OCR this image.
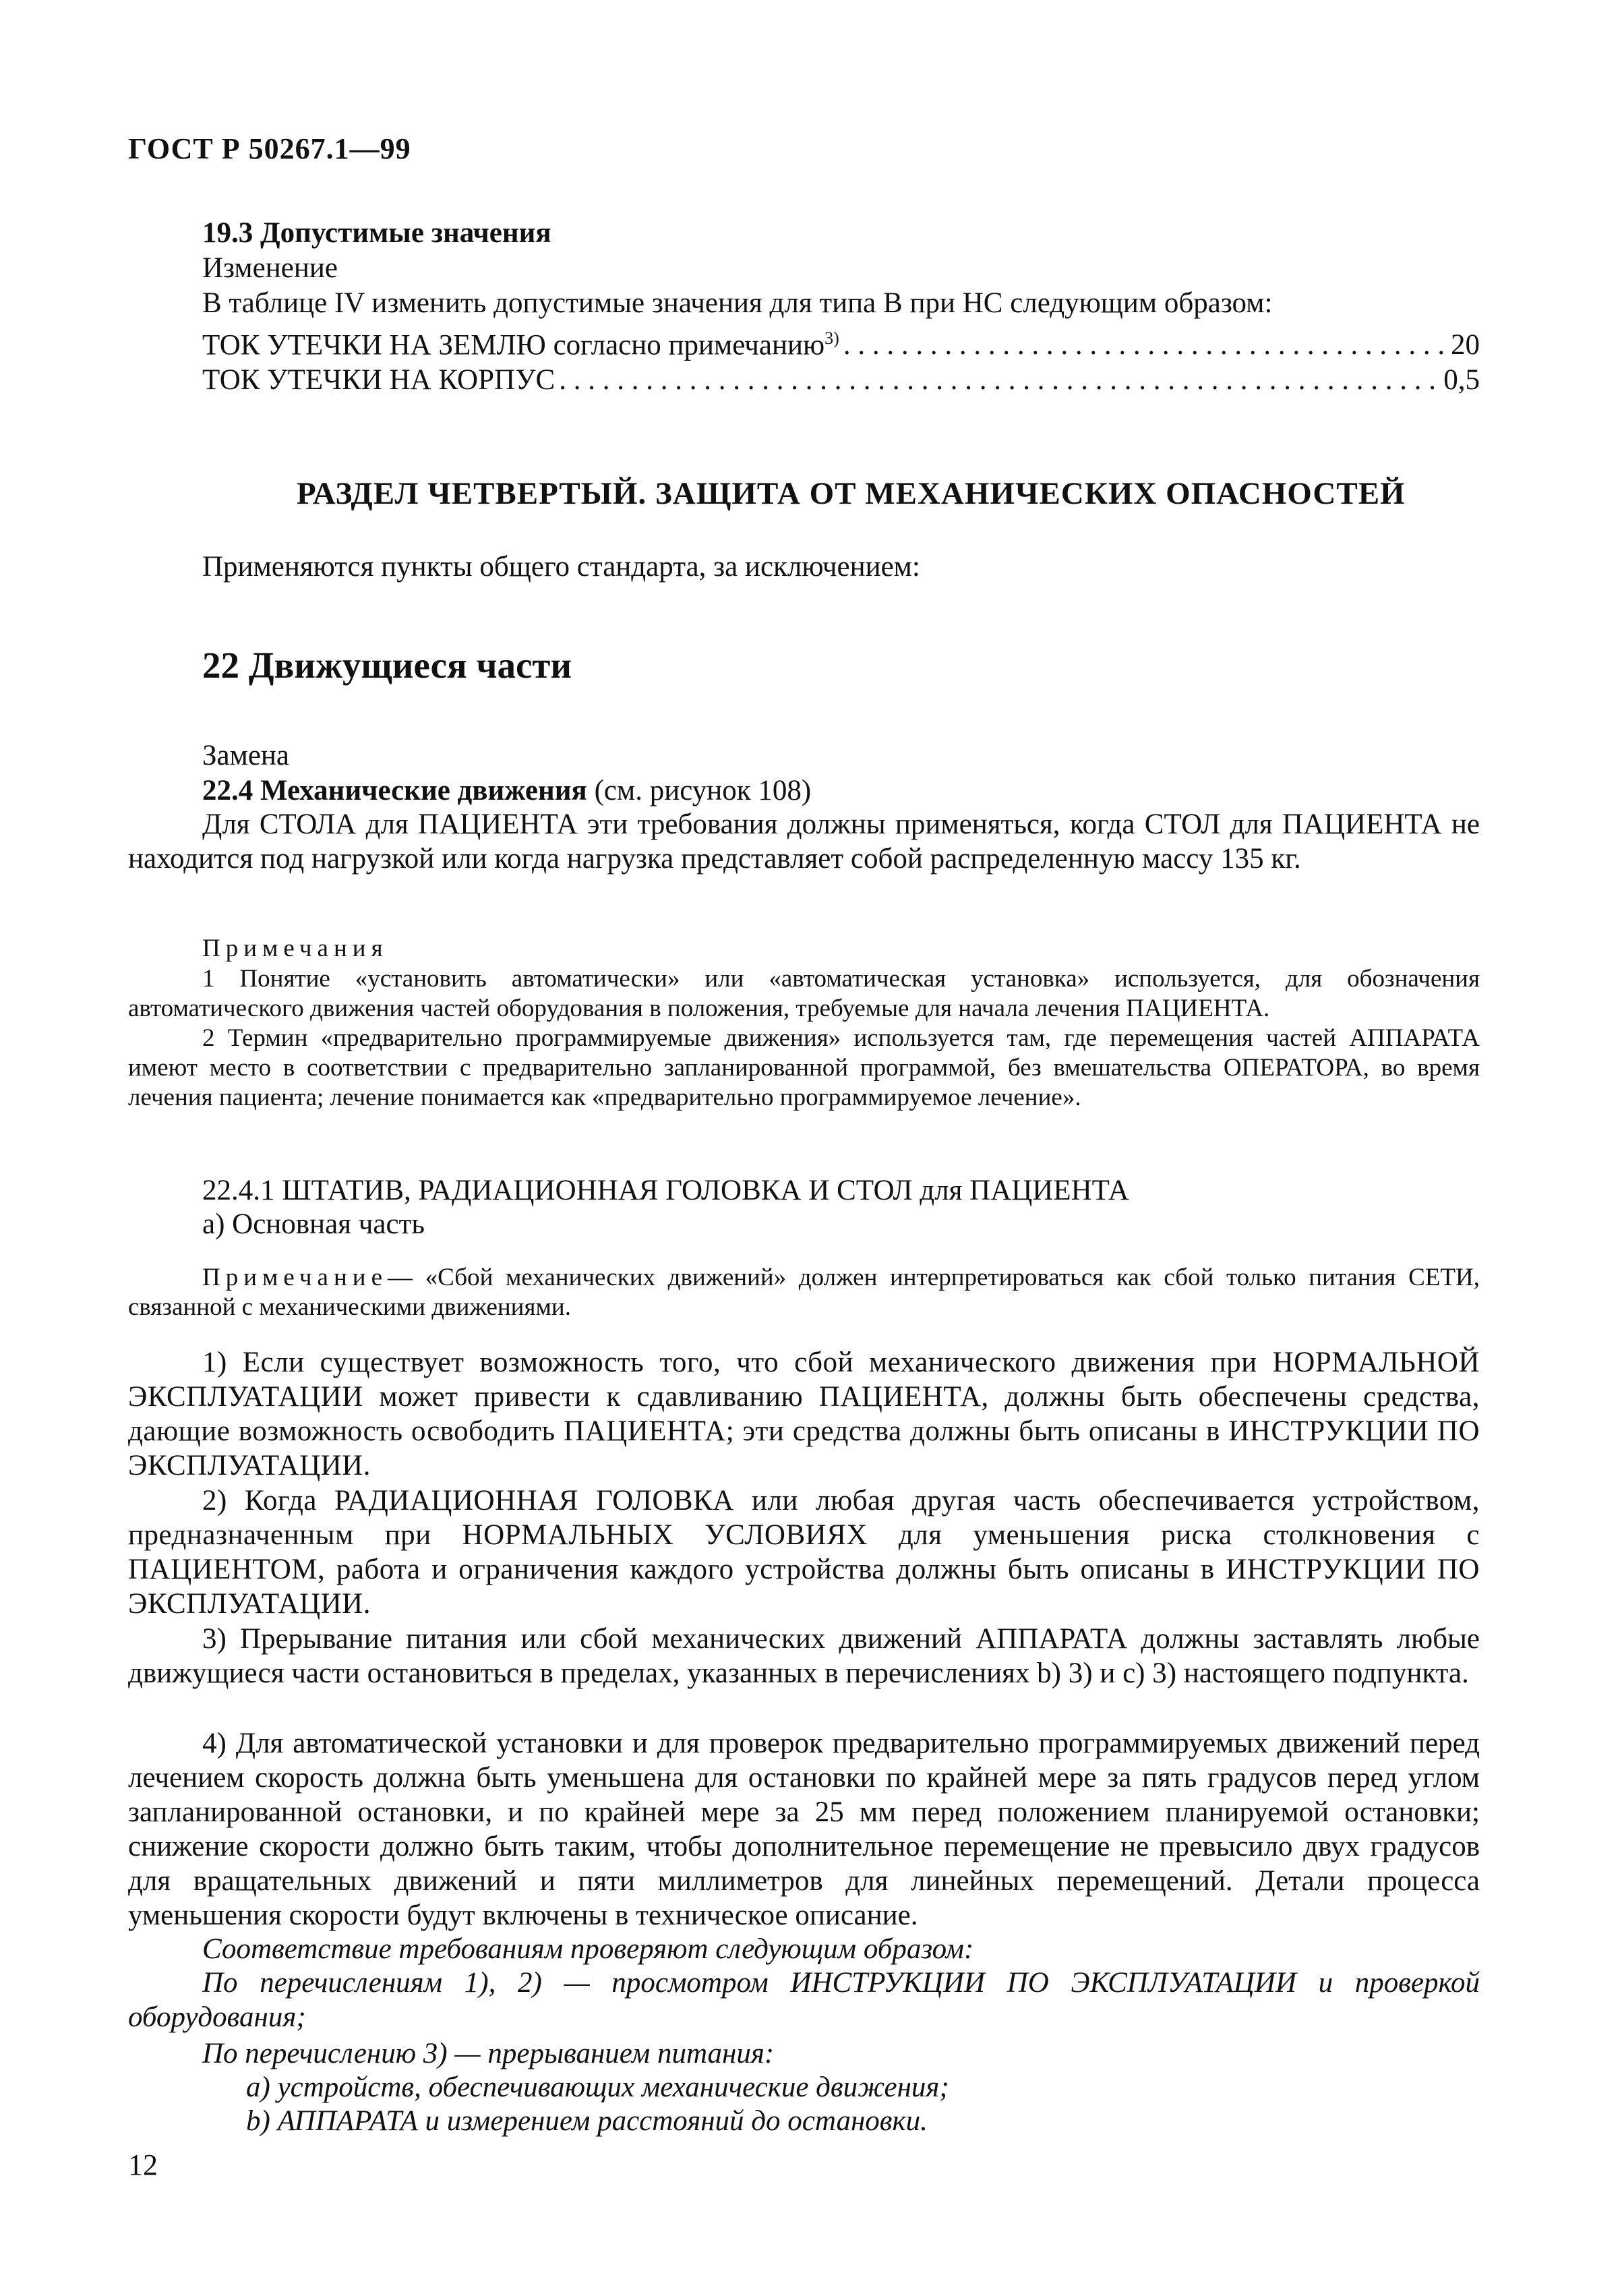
ГОСТ Р 50267.1—99
19.3 Допустимые значения
Изменение
В таблице IV изменить допустимые значения для типа В при НС следующим образом:
ТОК УТЕЧКИ НА ЗЕМЛЮ согласно примечанию$^{3)}$ . . .	20
ТОК УТЕЧКИ НА КОРПУС . . .	0,5
РАЗДЕЛ ЧЕТВЕРТЫЙ. ЗАЩИТА ОТ МЕХАНИЧЕСКИХ ОПАСНОСТЕЙ
Применяются пункты общего стандарта, за исключением:
22 Движущиеся части
Замена
22.4 Механические движения (см. рисунок 108)
Для СТОЛА для ПАЦИЕНТА эти требования должны применяться, когда СТОЛ для ПАЦИЕНТА не находится под нагрузкой или когда нагрузка представляет собой распределенную массу 135 кг.
Примечания
1 Понятие «установить автоматически» или «автоматическая установка» используется, для обозначения автоматического движения частей оборудования в положения, требуемые для начала лечения ПАЦИЕНТА.
2 Термин «предварительно программируемые движения» используется там, где перемещения частей АППАРАТА имеют место в соответствии с предварительно запланированной программой, без вмешательства ОПЕРАТОРА, во время лечения пациента; лечение понимается как «предварительно программируемое лечение».
22.4.1 ШТАТИВ, РАДИАЦИОННАЯ ГОЛОВКА И СТОЛ для ПАЦИЕНТА
а) Основная часть
Примечание— «Сбой механических движений» должен интерпретироваться как сбой только питания СЕТИ, связанной с механическими движениями.
1) Если существует возможность того, что сбой механического движения при НОРМАЛЬНОЙ ЭКСПЛУАТАЦИИ может привести к сдавливанию ПАЦИЕНТА, должны быть обеспечены средства, дающие возможность освободить ПАЦИЕНТА; эти средства должны быть описаны в ИНСТРУКЦИИ ПО ЭКСПЛУАТАЦИИ.
2) Когда РАДИАЦИОННАЯ ГОЛОВКА или любая другая часть обеспечивается устройством, предназначенным при НОРМАЛЬНЫХ УСЛОВИЯХ для уменьшения риска столкновения с ПАЦИЕНТОМ, работа и ограничения каждого устройства должны быть описаны в ИНСТРУКЦИИ ПО ЭКСПЛУАТАЦИИ.
3) Прерывание питания или сбой механических движений АППАРАТА должны заставлять любые движущиеся части остановиться в пределах, указанных в перечислениях b) 3) и с) 3) настоящего подпункта.
4) Для автоматической установки и для проверок предварительно программируемых движений перед лечением скорость должна быть уменьшена для остановки по крайней мере за пять градусов перед углом запланированной остановки, и по крайней мере за 25 мм перед положением планируемой остановки; снижение скорости должно быть таким, чтобы дополнительное перемещение не превысило двух градусов для вращательных движений и пяти миллиметров для линейных перемещений. Детали процесса уменьшения скорости будут включены в техническое описание.
Соответствие требованиям проверяют следующим образом:
По перечислениям 1), 2) — просмотром ИНСТРУКЦИИ ПО ЭКСПЛУАТАЦИИ и проверкой оборудования;
По перечислению 3) — прерыванием питания:
a) устройств, обеспечивающих механические движения;
b) АППАРАТА и измерением расстояний до остановки.
12
